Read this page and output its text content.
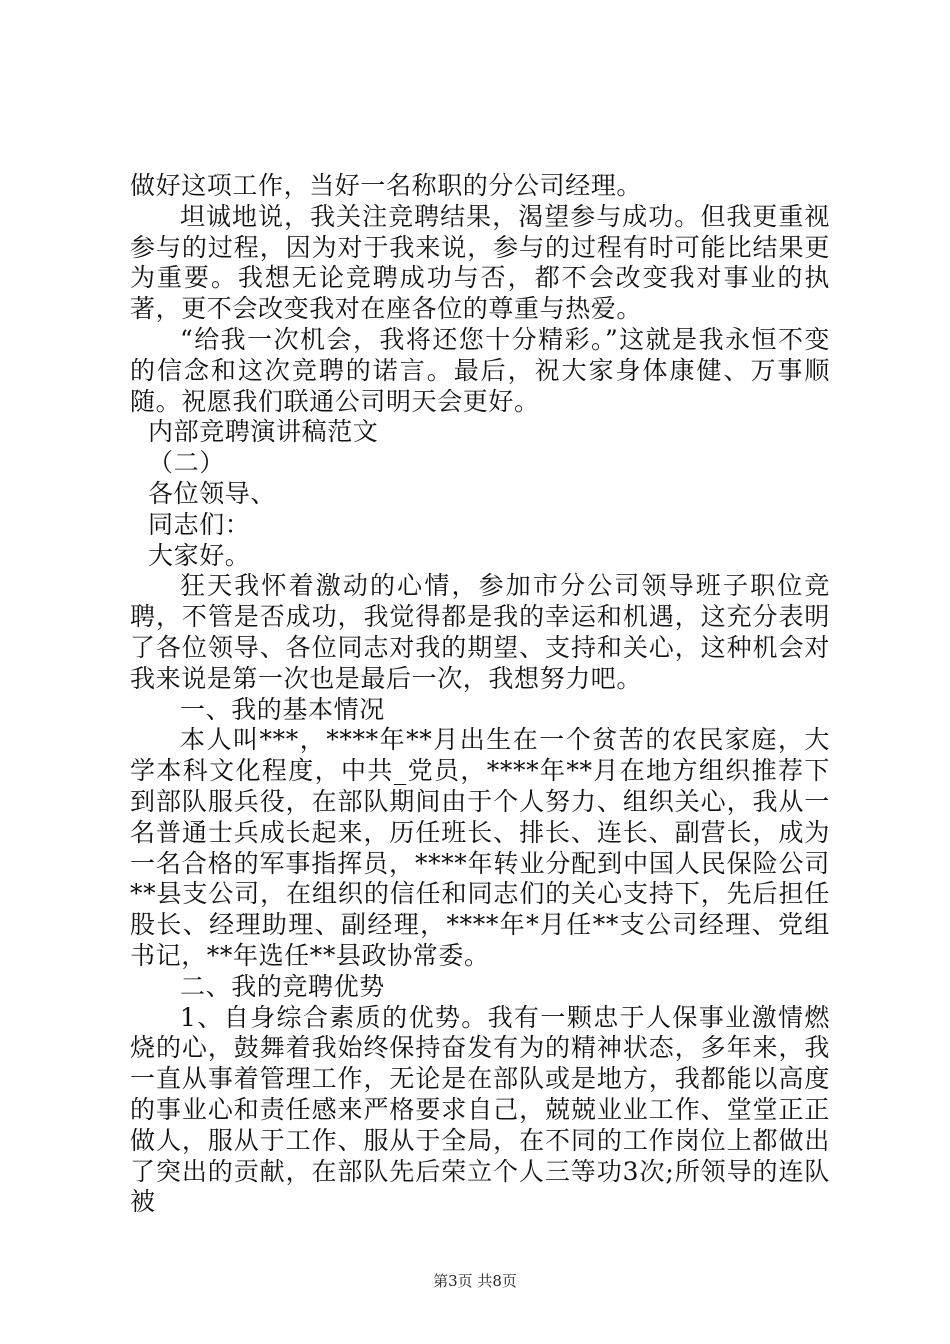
做好这项工作，当好一名称职的分公司经理。

坦诚地说，我关注竞聘结果，渴望参与成功。但我更重视参与的过程，因为对于我来说，参与的过程有时可能比结果更为重要。我想无论竞聘成功与否，都不会改变我对事业的执著，更不会改变我对在座各位的尊重与热爱。

“给我一次机会，我将还您十分精彩。”这就是我永恒不变的信念和这次竞聘的诺言。最后，祝大家身体康健、万事顺随。祝愿我们联通公司明天会更好。

内部竞聘演讲稿范文

（二）

各位领导、

同志们：

大家好。

狂天我怀着激动的心情，参加市分公司领导班子职位竞聘，不管是否成功，我觉得都是我的幸运和机遇，这充分表明了各位领导、各位同志对我的期望、支持和关心，这种机会对我来说是第一次也是最后一次，我想努力吧。

一、我的基本情况

本人叫***，****年**月出生在一个贫苦的农民家庭，大学本科文化程度，中共_党员，****年**月在地方组织推荐下到部队服兵役，在部队期间由于个人努力、组织关心，我从一名普通士兵成长起来，历任班长、排长、连长、副营长，成为一名合格的军事指挥员，****年转业分配到中国人民保险公司**县支公司，在组织的信任和同志们的关心支持下，先后担任股长、经理助理、副经理，****年*月任**支公司经理、党组书记，**年选任**县政协常委。

二、我的竞聘优势

1、自身综合素质的优势。我有一颗忠于人保事业激情燃烧的心，鼓舞着我始终保持奋发有为的精神状态，多年来，我一直从事着管理工作，无论是在部队或是地方，我都能以高度的事业心和责任感来严格要求自己，兢兢业业工作、堂堂正正做人，服从于工作、服从于全局，在不同的工作岗位上都做出了突出的贡献，在部队先后荣立个人三等功3次;所领导的连队被

第3页 共8页
